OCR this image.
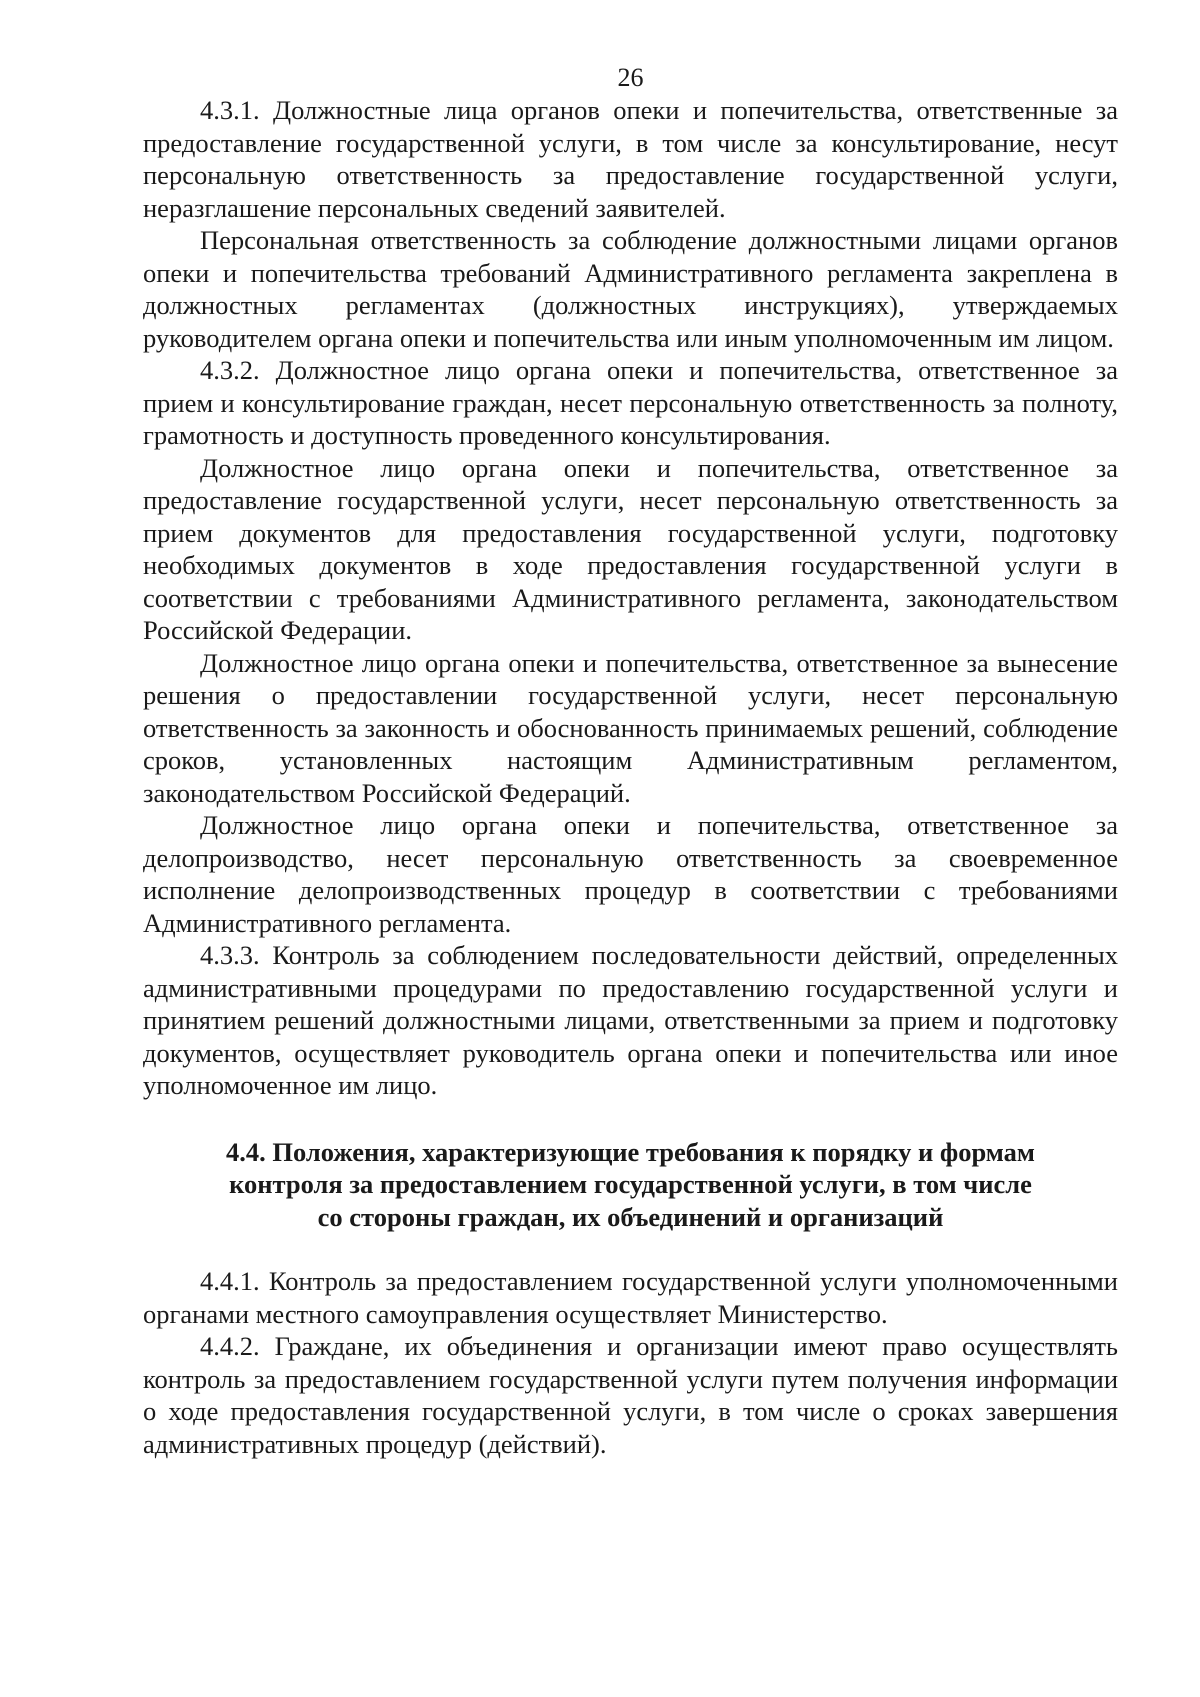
26

4.3.1. Должностные лица органов опеки и попечительства, ответственные за предоставление государственной услуги, в том числе за консультирование, несут персональную ответственность за предоставление государственной услуги, неразглашение персональных сведений заявителей.

Персональная ответственность за соблюдение должностными лицами органов опеки и попечительства требований Административного регламента закреплена в должностных регламентах (должностных инструкциях), утверждаемых руководителем органа опеки и попечительства или иным уполномоченным им лицом.

4.3.2. Должностное лицо органа опеки и попечительства, ответственное за прием и консультирование граждан, несет персональную ответственность за полноту, грамотность и доступность проведенного консультирования.

Должностное лицо органа опеки и попечительства, ответственное за предоставление государственной услуги, несет персональную ответственность за прием документов для предоставления государственной услуги, подготовку необходимых документов в ходе предоставления государственной услуги в соответствии с требованиями Административного регламента, законодательством Российской Федерации.

Должностное лицо органа опеки и попечительства, ответственное за вынесение решения о предоставлении государственной услуги, несет персональную ответственность за законность и обоснованность принимаемых решений, соблюдение сроков, установленных настоящим Административным регламентом, законодательством Российской Федераций.

Должностное лицо органа опеки и попечительства, ответственное за делопроизводство, несет персональную ответственность за своевременное исполнение делопроизводственных процедур в соответствии с требованиями Административного регламента.

4.3.3. Контроль за соблюдением последовательности действий, определенных административными процедурами по предоставлению государственной услуги и принятием решений должностными лицами, ответственными за прием и подготовку документов, осуществляет руководитель органа опеки и попечительства или иное уполномоченное им лицо.

4.4. Положения, характеризующие требования к порядку и формам
контроля за предоставлением государственной услуги, в том числе
со стороны граждан, их объединений и организаций

4.4.1. Контроль за предоставлением государственной услуги уполномоченными органами местного самоуправления осуществляет Министерство.

4.4.2. Граждане, их объединения и организации имеют право осуществлять контроль за предоставлением государственной услуги путем получения информации о ходе предоставления государственной услуги, в том числе о сроках завершения административных процедур (действий).
